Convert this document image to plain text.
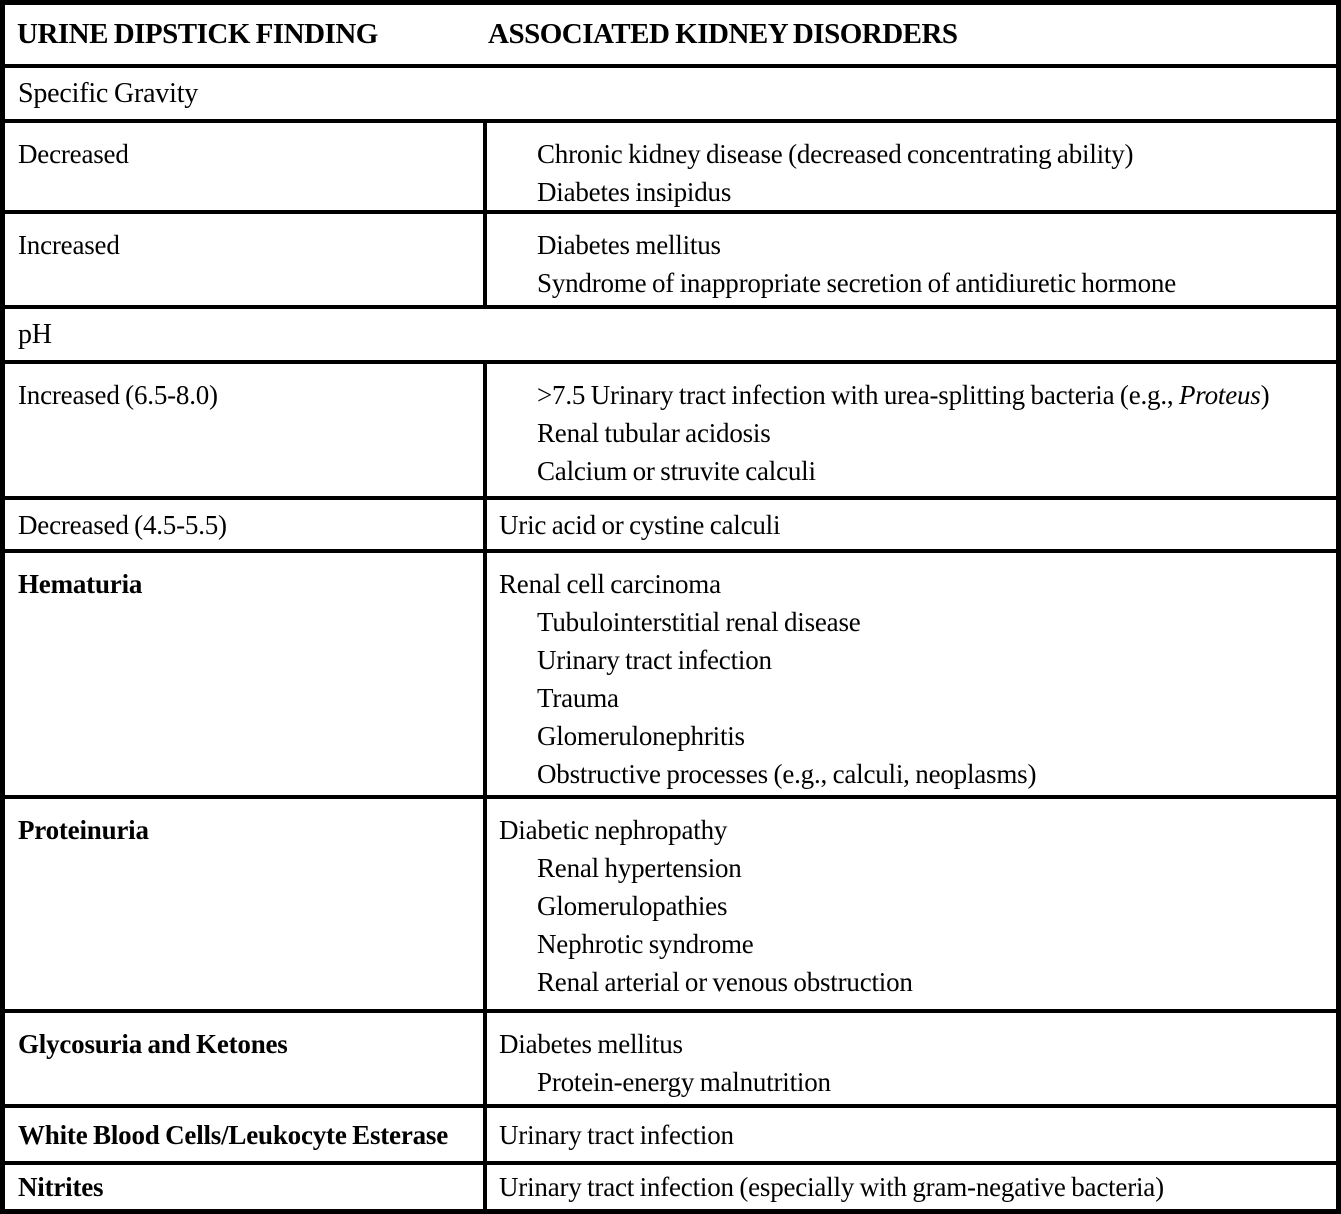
URINE DIPSTICK FINDING	ASSOCIATED KIDNEY DISORDERS
Specific Gravity
Decreased	Chronic kidney disease (decreased concentrating ability)
Diabetes insipidus
Increased	Diabetes mellitus
Syndrome of inappropriate secretion of antidiuretic hormone
pH
Increased (6.5-8.0)	>7.5 Urinary tract infection with urea-splitting bacteria (e.g., Proteus)
Renal tubular acidosis
Calcium or struvite calculi
Decreased (4.5-5.5)	Uric acid or cystine calculi
Hematuria	Renal cell carcinoma
Tubulointerstitial renal disease
Urinary tract infection
Trauma
Glomerulonephritis
Obstructive processes (e.g., calculi, neoplasms)
Proteinuria	Diabetic nephropathy
Renal hypertension
Glomerulopathies
Nephrotic syndrome
Renal arterial or venous obstruction
Glycosuria and Ketones	Diabetes mellitus
Protein-energy malnutrition
White Blood Cells/Leukocyte Esterase	Urinary tract infection
Nitrites	Urinary tract infection (especially with gram-negative bacteria)
